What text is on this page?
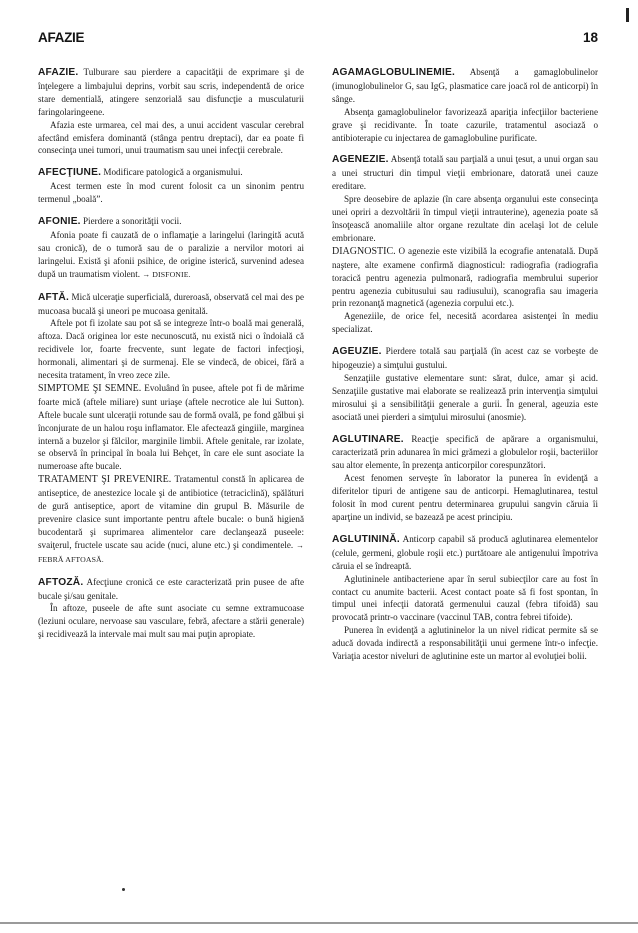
AFAZIE	18

AFAZIE. Tulburare sau pierdere a capacităţii de exprimare şi de înţelegere a limbajului deprins, vorbit sau scris, independentă de orice stare dementială, atingere senzorială sau disfuncţie a musculaturii faringolaringeene.

Afazia este urmarea, cel mai des, a unui accident vascular cerebral afectând emisfera dominantă (stânga pentru dreptaci), dar ea poate fi consecinţa unei tumori, unui traumatism sau unei infecţii cerebrale.

AFECŢIUNE. Modificare patologică a organismului.

Acest termen este în mod curent folosit ca un sinonim pentru termenul „boală”.

AFONIE. Pierdere a sonorităţii vocii.

Afonia poate fi cauzată de o inflamaţie a laringelui (laringită acută sau cronică), de o tumoră sau de o paralizie a nervilor motori ai laringelui. Există şi afonii psihice, de origine isterică, survenind adesea după un traumatism violent. → DISFONIE.

AFTĂ. Mică ulceraţie superficială, dureroasă, observată cel mai des pe mucoasa bucală şi uneori pe mucoasa genitală.

Aftele pot fi izolate sau pot să se integreze într-o boală mai generală, aftoza. Dacă originea lor este necunoscută, nu există nici o îndoială că recidivele lor, foarte frecvente, sunt legate de factori infecţioşi, hormonali, alimentari şi de surmenaj. Ele se vindecă, de obicei, fără a necesita tratament, în vreo zece zile.

SIMPTOME ŞI SEMNE. Evoluând în pusee, aftele pot fi de mărime foarte mică (aftele miliare) sunt uriaşe (aftele necrotice ale lui Sutton). Aftele bucale sunt ulceraţii rotunde sau de formă ovală, pe fond gălbui şi înconjurate de un halou roşu inflamator. Ele afectează gingiile, marginea internă a buzelor şi fălcilor, marginile limbii. Aftele genitale, rar izolate, se observă în principal în boala lui Behçet, în care ele sunt asociate la numeroase afte bucale.

TRATAMENT ŞI PREVENIRE. Tratamentul constă în aplicarea de antiseptice, de anestezice locale şi de antibiotice (tetraciclină), spălături de gură antiseptice, aport de vitamine din grupul B. Măsurile de prevenire clasice sunt importante pentru aftele bucale: o bună higienă bucodentară şi suprimarea alimentelor care declanşează puseele: svaiţerul, fructele uscate sau acide (nuci, alune etc.) şi condimentele. → FEBRĂ AFTOASĂ.

AFTOZĂ. Afecţiune cronică ce este caracterizată prin pusee de afte bucale şi/sau genitale.

În aftoze, puseele de afte sunt asociate cu semne extramucoase (leziuni oculare, nervoase sau vasculare, febră, afectare a stării generale) şi recidivează la intervale mai mult sau mai puţin apropiate.

AGAMAGLOBULINEMIE. Absenţă a gamaglobulinelor (imunoglobulinelor G, sau IgG, plasmatice care joacă rol de anticorpi) în sânge.

Absenţa gamaglobulinelor favorizează apariţia infecţiilor bacteriene grave şi recidivante. În toate cazurile, tratamentul asociază o antibioterapie cu injectarea de gamaglobuline purificate.

AGENEZIE. Absenţă totală sau parţială a unui ţesut, a unui organ sau a unei structuri din timpul vieţii embrionare, datorată unei cauze ereditare.

Spre deosebire de aplazie (în care absenţa organului este consecinţa unei opriri a dezvoltării în timpul vieţii intrauterine), agenezia poate să însoţească anomaliile altor organe rezultate din acelaşi lot de celule embrionare.

DIAGNOSTIC. O agenezie este vizibilă la ecografie antenatală. După naştere, alte examene confirmă diagnosticul: radiografia (radiografia toracică pentru agenezia pulmonară, radiografia membrului superior pentru agenezia cubitusului sau radiusului), scanografia sau imageria prin rezonanţă magnetică (agenezia corpului etc.).

Ageneziile, de orice fel, necesită acordarea asistenţei în mediu specializat.

AGEUZIE. Pierdere totală sau parţială (în acest caz se vorbeşte de hipogeuzie) a simţului gustului.

Senzaţiile gustative elementare sunt: sărat, dulce, amar şi acid. Senzaţiile gustative mai elaborate se realizează prin intervenţia simţului mirosului şi a sensibilităţii generale a gurii. În general, ageuzia este asociată unei pierderi a simţului mirosului (anosmie).

AGLUTINARE. Reacţie specifică de apărare a organismului, caracterizată prin adunarea în mici grămezi a globulelor roşii, bacteriilor sau altor elemente, în prezenţa anticorpilor corespunzători.

Acest fenomen serveşte în laborator la punerea în evidenţă a diferitelor tipuri de antigene sau de anticorpi. Hemaglutinarea, testul folosit în mod curent pentru determinarea grupului sangvin căruia îi aparţine un individ, se bazează pe acest principiu.

AGLUTININĂ. Anticorp capabil să producă aglutinarea elementelor (celule, germeni, globule roşii etc.) purtătoare ale antigenului împotriva căruia el se îndreaptă.

Aglutininele antibacteriene apar în serul subiecţilor care au fost în contact cu anumite bacterii. Acest contact poate să fi fost spontan, în timpul unei infecţii datorată germenului cauzal (febra tifoidă) sau provocată printr-o vaccinare (vaccinul TAB, contra febrei tifoide).

Punerea în evidenţă a aglutininelor la un nivel ridicat permite să se aducă dovada indirectă a responsabilităţii unui germene într-o infecţie. Variaţia acestor niveluri de aglutinine este un martor al evoluţiei bolii.
